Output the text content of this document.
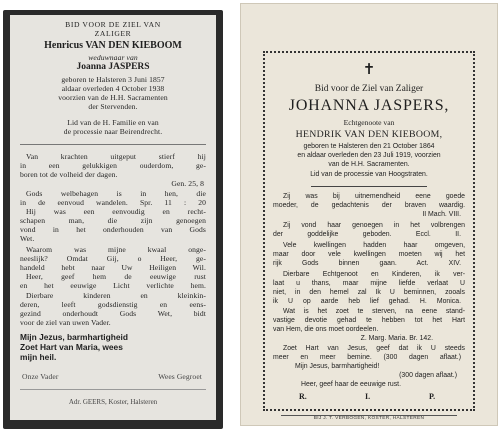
BID VOOR DE ZIEL VAN
ZALIGER
Henricus VAN DEN KIEBOOM
weduwnaar van
Joanna JASPERS
geboren te Halsteren 3 Juni 1857
aldaar overleden 4 October 1938
voorzien van de H.H. Sacramenten
der Stervenden.
Lid van de H. Familie en van
de processie naar Beirendrecht.
Van krachten uitgeput stierf hij
in een gelukkigen ouderdom, ge-
boren tot de volheid der dagen.
Gen. 25, 8
Gods welbehagen is in hen, die
in de eenvoud wandelen. Spr. 11 : 20
Hij was een eenvoudig en recht-
schapen man, die zijn genoegen
vond in het onderhouden van Gods
Wet.
Waarom was mijne kwaal onge-
neeslijk? Omdat Gij, o Heer, ge-
handeld hebt naar Uw Heiligen Wil.
Heer, geef hem de eeuwige rust
en het eeuwige Licht verlichte hem.
Dierbare kinderen en kleinkin-
deren, leeft godsdienstig en eens-
gezind onderhoudt Gods Wet, bidt
voor de ziel van uwen Vader.
Mijn Jezus, barmhartigheid
Zoet Hart van Maria, wees
mijn heil.
Onze Vader	Wees Gegroet
Adr. GEERS, Koster, Halsteren
✝
Bid voor de Ziel van Zaliger
JOHANNA JASPERS,
Echtgenoote van
HENDRIK VAN DEN KIEBOOM,
geboren te Halsteren den 21 October 1864
en aldaar overleden den 23 Juli 1919, voorzien
van de H.H. Sacramenten.
Lid van de processie van Hoogstraten.
Zij was bij uitnemendheid eene goede
moeder, de gedachtenis der braven waardig.
II Mach. VIII.
Zij vond haar genoegen in het volbrengen
der goddelijke geboden. Eccl. II.
Vele kwellingen hadden haar omgeven,
maar door vele kwellingen moeten wij het
rijk Gods binnen gaan. Act. XIV.
Dierbare Echtgenoot en Kinderen, ik ver-
laat u thans, maar mijne liefde verlaat U
niet, in den hemel zal Ik U beminnen, zooals
ik U op aarde heb lief gehad. H. Monica.
Wat is het zoet te sterven, na eene stand-
vastige devotie gehad te hebben tot het Hart
van Hem, die ons moet oordeelen.
Z. Marg. Maria. Br. 142.
Zoet Hart van Jesus, geef dat ik U steeds
meer en meer bemine. (300 dagen aflaat.)
Mijn Jesus, barmhartigheid!
(300 dagen aflaat.)
Heer, geef haar de eeuwige rust.
R.	I.	P.
BIJ J. T. VERBOGEN, KOSTER, HALSTEREN
